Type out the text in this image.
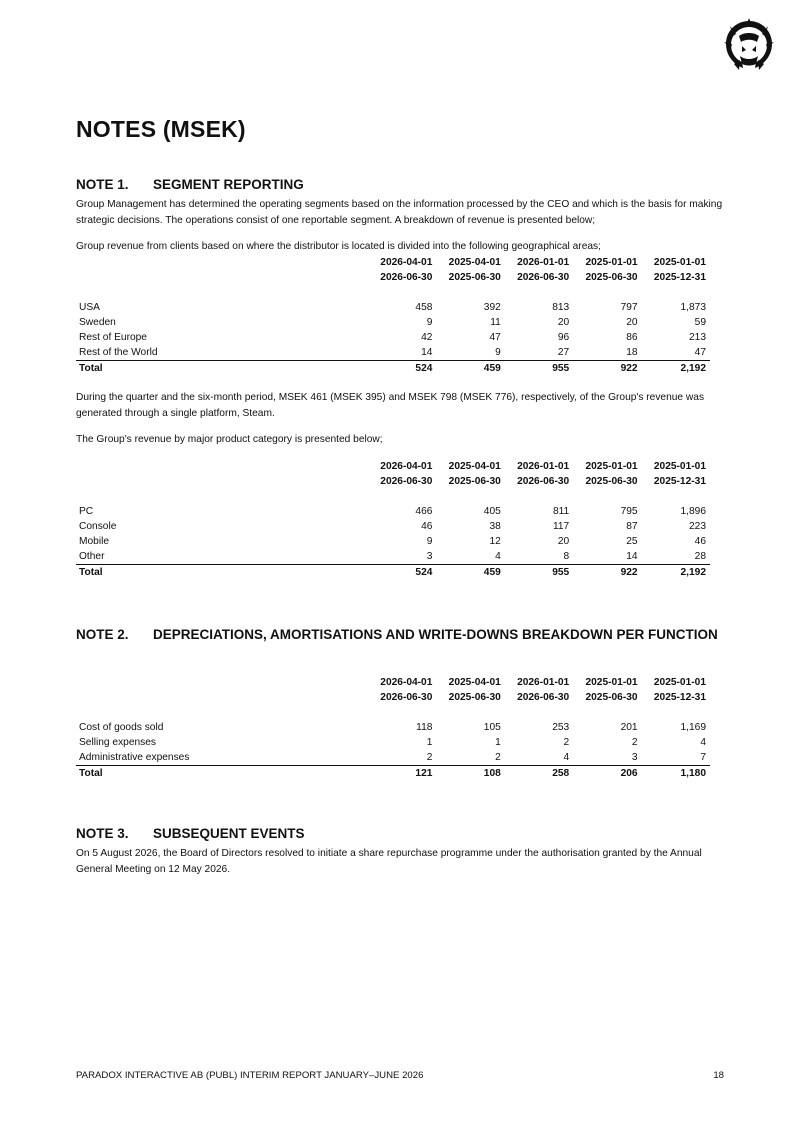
NOTES (MSEK)
NOTE 1. SEGMENT REPORTING

Group Management has determined the operating segments based on the information processed by the CEO and which is the basis for making strategic decisions. The operations consist of one reportable segment. A breakdown of revenue is presented below;

Group revenue from clients based on where the distributor is located is divided into the following geographical areas;

	2026-04-01	2025-04-01	2026-01-01	2025-01-01	2025-01-01
	2026-06-30	2025-06-30	2026-06-30	2025-06-30	2025-12-31

USA	458	392	813	797	1,873
Sweden	9	11	20	20	59
Rest of Europe	42	47	96	86	213
Rest of the World	14	9	27	18	47
Total	524	459	955	922	2,192

During the quarter and the six-month period, MSEK 461 (MSEK 395) and MSEK 798 (MSEK 776), respectively, of the Group's revenue was generated through a single platform, Steam.

The Group's revenue by major product category is presented below;

	2026-04-01	2025-04-01	2026-01-01	2025-01-01	2025-01-01
	2026-06-30	2025-06-30	2026-06-30	2025-06-30	2025-12-31

PC	466	405	811	795	1,896
Console	46	38	117	87	223
Mobile	9	12	20	25	46
Other	3	4	8	14	28
Total	524	459	955	922	2,192
NOTE 2. DEPRECIATIONS, AMORTISATIONS AND WRITE-DOWNS BREAKDOWN PER FUNCTION
	2026-04-01	2025-04-01	2026-01-01	2025-01-01	2025-01-01
	2026-06-30	2025-06-30	2026-06-30	2025-06-30	2025-12-31

Cost of goods sold	118	105	253	201	1,169
Selling expenses	1	1	2	2	4
Administrative expenses	2	2	4	3	7
Total	121	108	258	206	1,180
NOTE 3. SUBSEQUENT EVENTS

On 5 August 2026, the Board of Directors resolved to initiate a share repurchase programme under the authorisation granted by the Annual General Meeting on 12 May 2026.

PARADOX INTERACTIVE AB (PUBL) INTERIM REPORT JANUARY–JUNE 2026	18
